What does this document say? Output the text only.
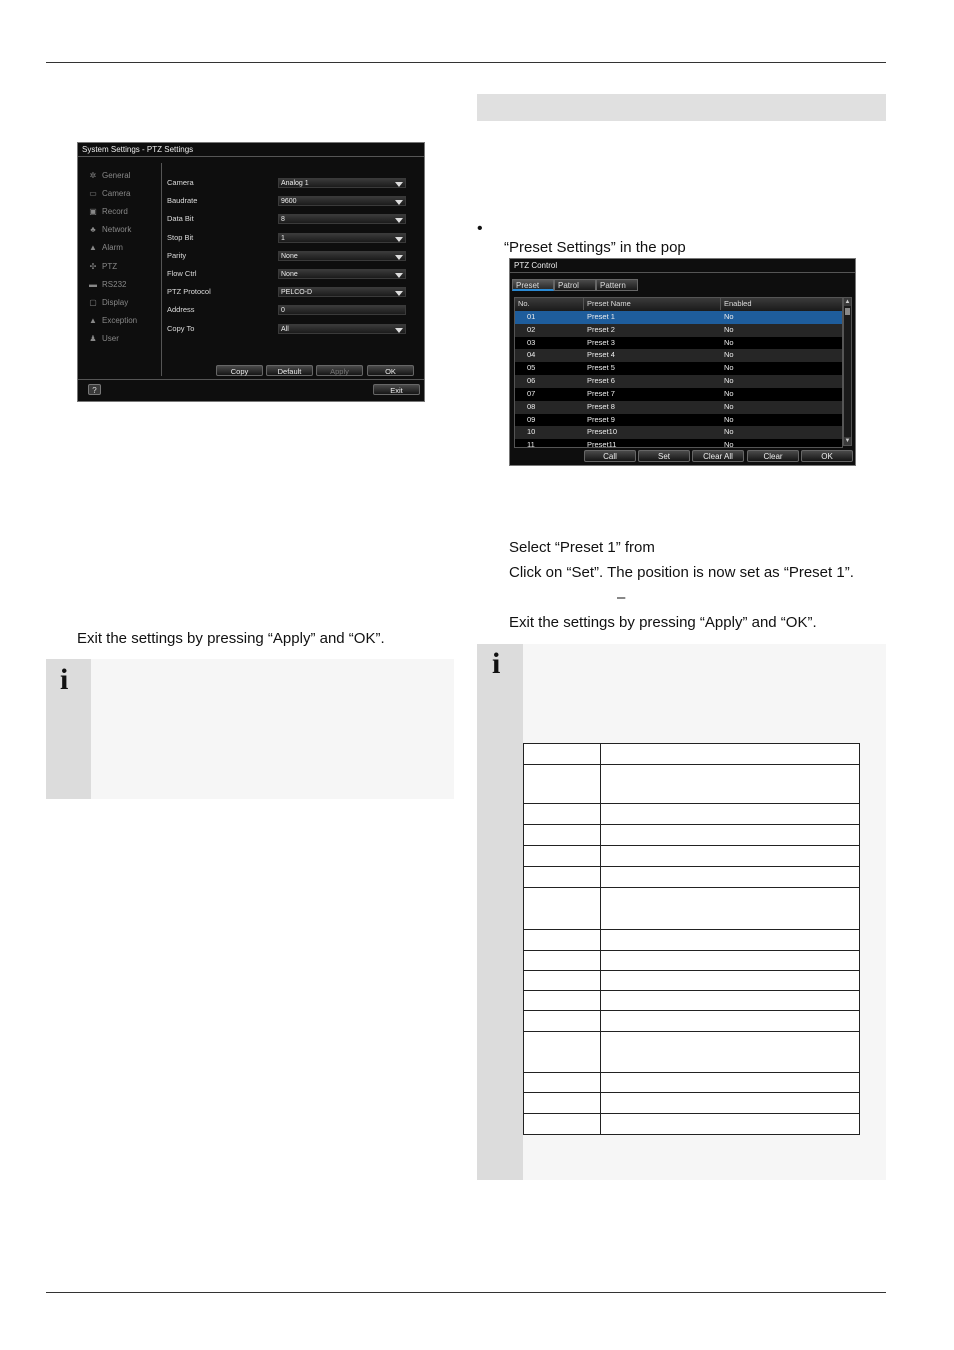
System Settings - PTZ Settings
✲ General
▭ Camera
▣ Record
♣ Network
▲ Alarm
✣ PTZ
▬ RS232
▢ Display
▲ Exception
♟ User
Camera	Analog 1
Baudrate	9600
Data Bit	8
Stop Bit	1
Parity	None
Flow Ctrl	None
PTZ Protocol	PELCO-D
Address	0
Copy To	All
Copy	Default	Apply	OK
?	Exit
Exit the settings by pressing “Apply” and “OK”.
i
•
“Preset Settings” in the pop
PTZ Control
Preset	Patrol	Pattern
No.	Preset Name	Enabled
01	Preset 1	No
02	Preset 2	No
03	Preset 3	No
04	Preset 4	No
05	Preset 5	No
06	Preset 6	No
07	Preset 7	No
08	Preset 8	No
09	Preset 9	No
10	Preset10	No
11	Preset11	No
▲
▼
Call	Set	Clear All	Clear	OK
Select “Preset 1” from
Click on “Set”. The position is now set as “Preset 1”.
–
Exit the settings by pressing “Apply” and “OK”.
i
